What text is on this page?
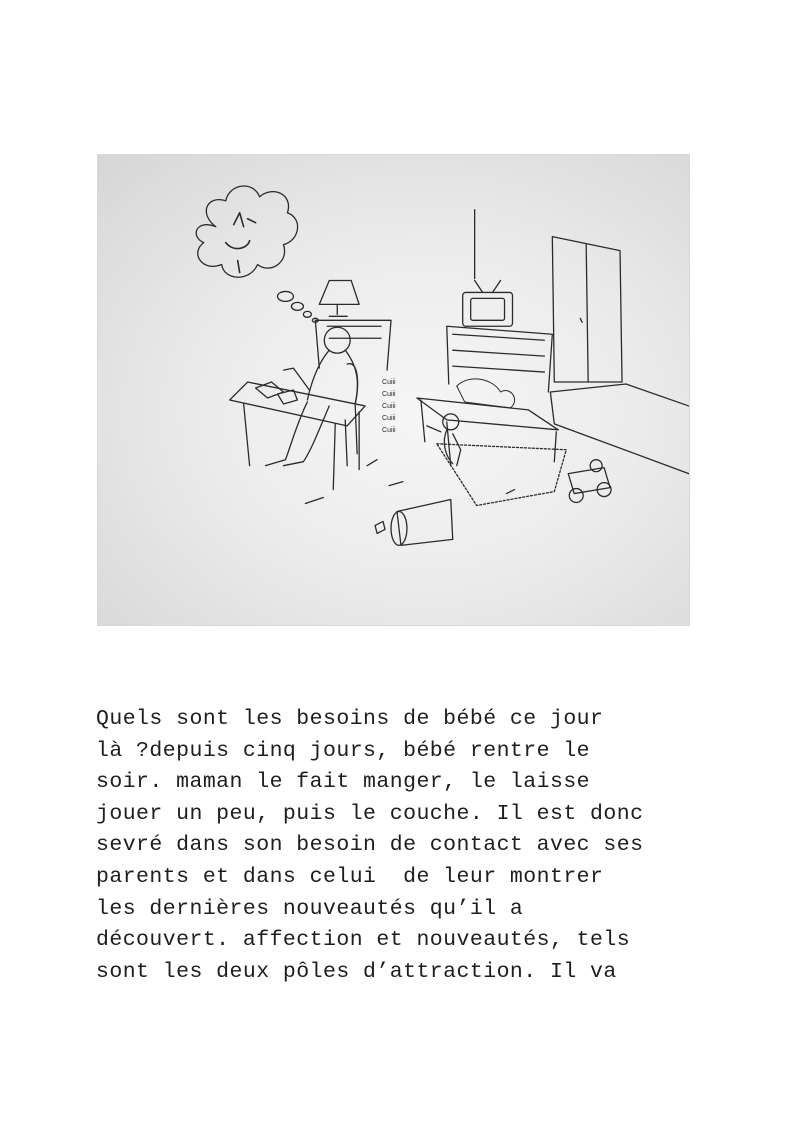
Cuiii
Cuiii
Cuiii
Cuiii
Cuiii
Quels sont les besoins de bébé ce jour
là ?depuis cinq jours, bébé rentre le
soir. maman le fait manger, le laisse
jouer un peu, puis le couche. Il est donc
sevré dans son besoin de contact avec ses
parents et dans celui  de leur montrer
les dernières nouveautés qu’il a
découvert. affection et nouveautés, tels
sont les deux pôles d’attraction. Il va
